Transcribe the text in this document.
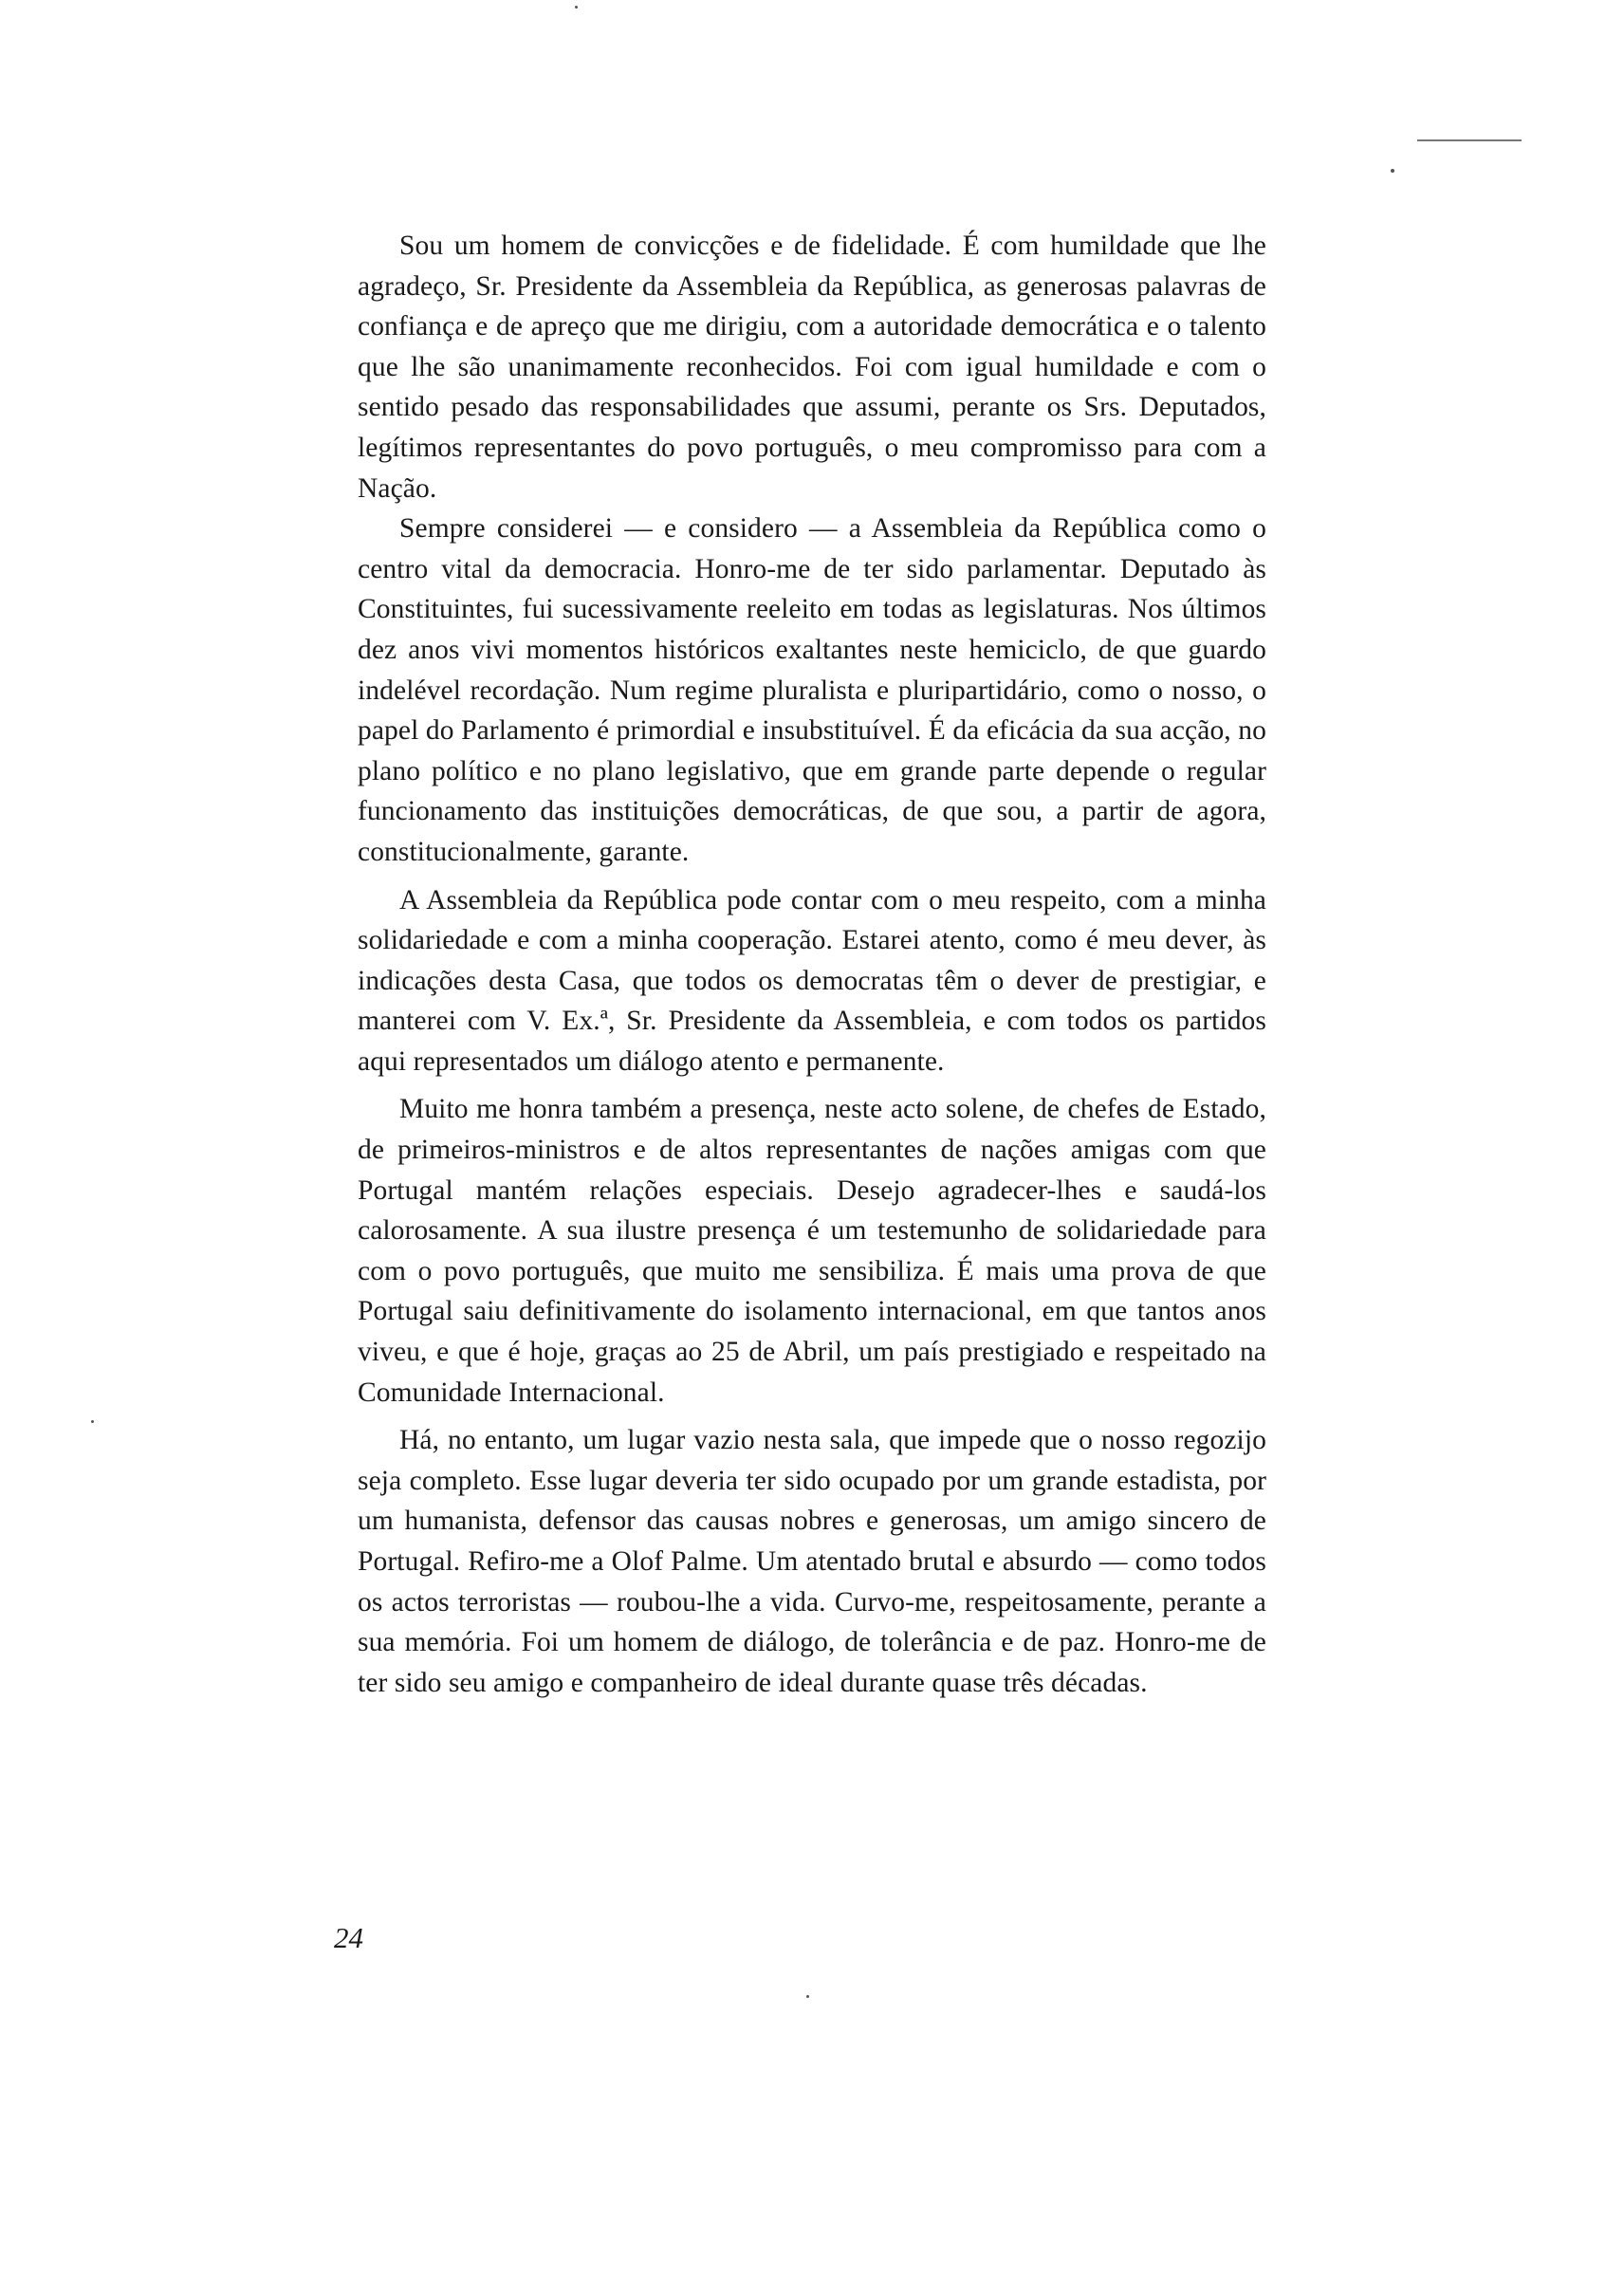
Sou um homem de convicções e de fidelidade. É com humildade que lhe agradeço, Sr. Presidente da Assembleia da República, as generosas palavras de confiança e de apreço que me dirigiu, com a autoridade democrática e o talento que lhe são unanimamente reconhecidos. Foi com igual humildade e com o sentido pesado das responsabilidades que assumi, perante os Srs. Deputados, legítimos representantes do povo português, o meu compromisso para com a Nação.

Sempre considerei — e considero — a Assembleia da República como o centro vital da democracia. Honro-me de ter sido parlamentar. Deputado às Constituintes, fui sucessivamente reeleito em todas as legislaturas. Nos últimos dez anos vivi momentos históricos exaltantes neste hemiciclo, de que guardo indelével recordação. Num regime pluralista e pluripartidário, como o nosso, o papel do Parlamento é primordial e insubstituível. É da eficácia da sua acção, no plano político e no plano legislativo, que em grande parte depende o regular funcionamento das instituições democráticas, de que sou, a partir de agora, constitucionalmente, garante.

A Assembleia da República pode contar com o meu respeito, com a minha solidariedade e com a minha cooperação. Estarei atento, como é meu dever, às indicações desta Casa, que todos os democratas têm o dever de prestigiar, e manterei com V. Ex.ª, Sr. Presidente da Assembleia, e com todos os partidos aqui representados um diálogo atento e permanente.

Muito me honra também a presença, neste acto solene, de chefes de Estado, de primeiros-ministros e de altos representantes de nações amigas com que Portugal mantém relações especiais. Desejo agradecer-lhes e saudá-los calorosamente. A sua ilustre presença é um testemunho de solidariedade para com o povo português, que muito me sensibiliza. É mais uma prova de que Portugal saiu definitivamente do isolamento internacional, em que tantos anos viveu, e que é hoje, graças ao 25 de Abril, um país prestigiado e respeitado na Comunidade Internacional.

Há, no entanto, um lugar vazio nesta sala, que impede que o nosso regozijo seja completo. Esse lugar deveria ter sido ocupado por um grande estadista, por um humanista, defensor das causas nobres e generosas, um amigo sincero de Portugal. Refiro-me a Olof Palme. Um atentado brutal e absurdo — como todos os actos terroristas — roubou-lhe a vida. Curvo-me, respeitosamente, perante a sua memória. Foi um homem de diálogo, de tolerância e de paz. Honro-me de ter sido seu amigo e companheiro de ideal durante quase três décadas.

24
